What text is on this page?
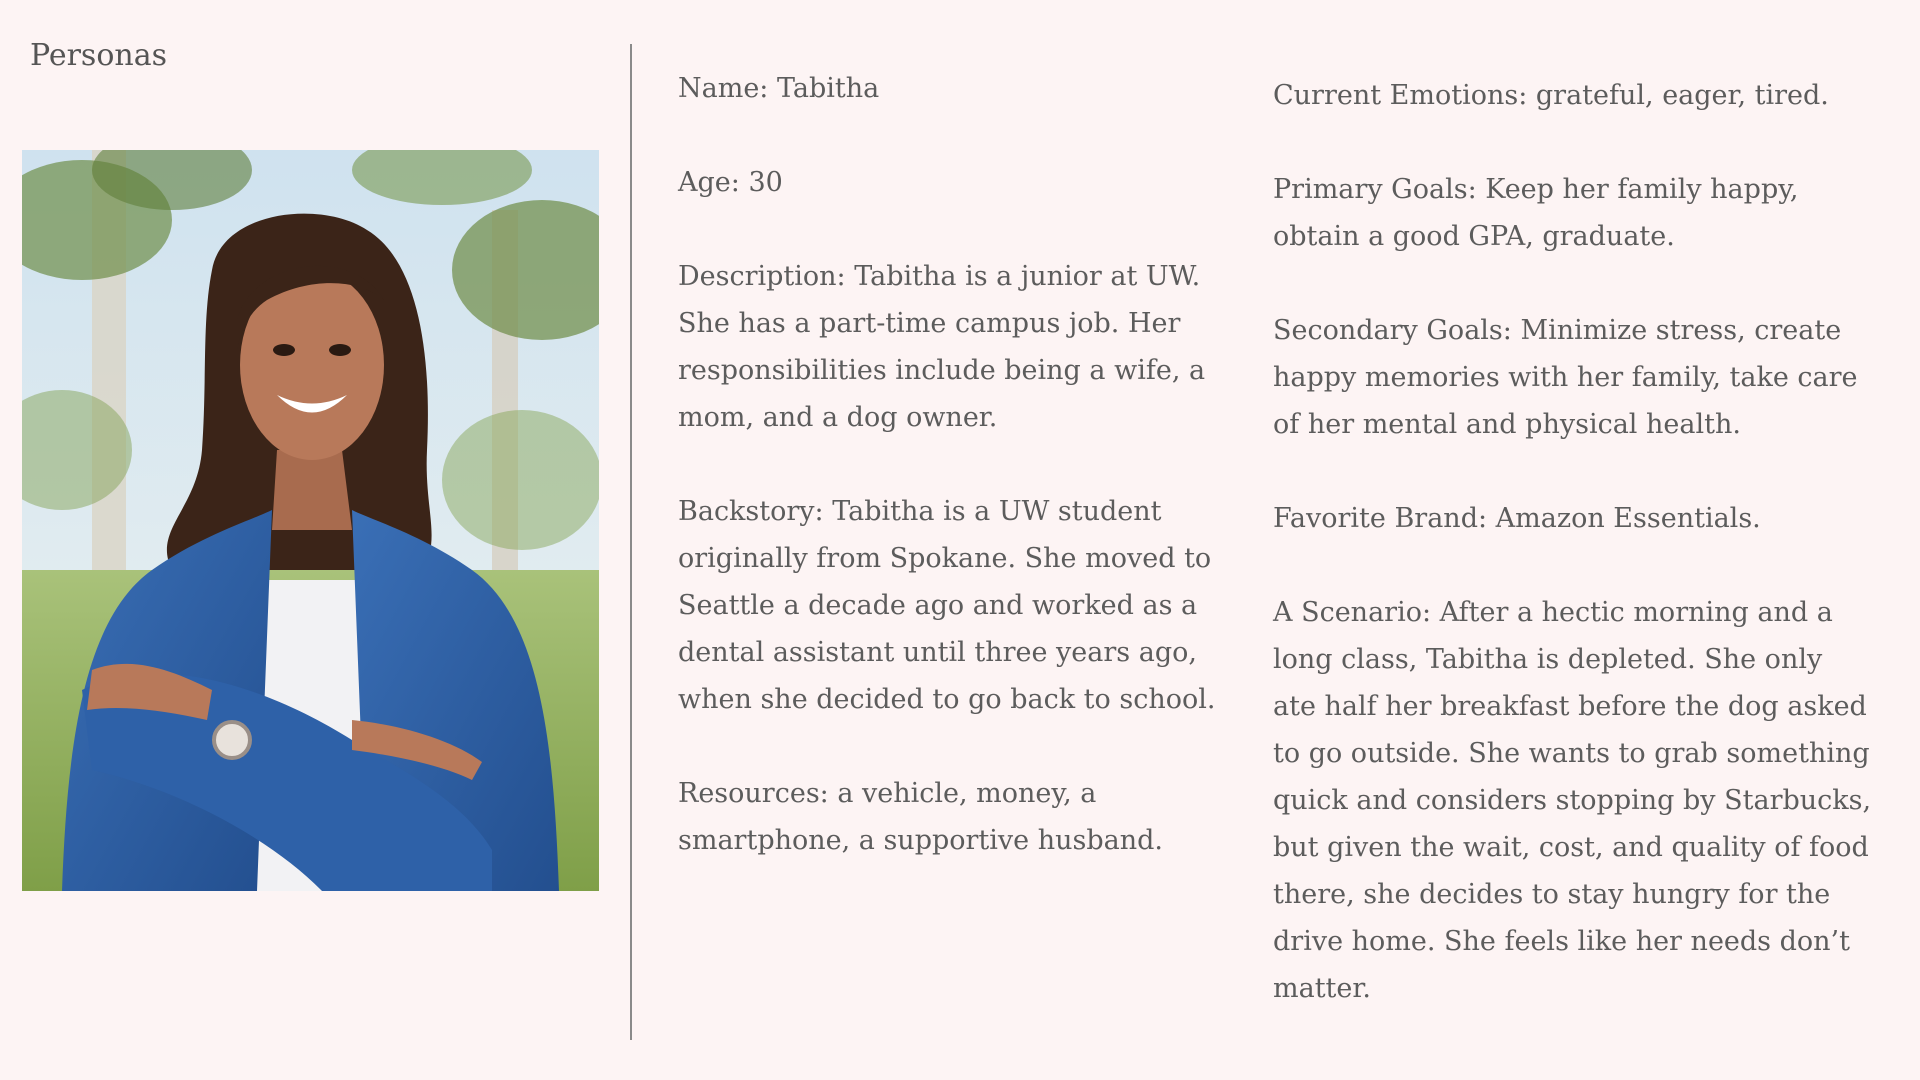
Personas

Name: Tabitha

Age: 30

Description: Tabitha is a junior at UW. She has a part-time campus job. Her responsibilities include being a wife, a mom, and a dog owner.

Backstory: Tabitha is a UW student originally from Spokane. She moved to Seattle a decade ago and worked as a dental assistant until three years ago, when she decided to go back to school.

Resources: a vehicle, money, a smartphone, a supportive husband.

Current Emotions: grateful, eager, tired.

Primary Goals: Keep her family happy, obtain a good GPA, graduate.

Secondary Goals: Minimize stress, create happy memories with her family, take care of her mental and physical health.

Favorite Brand: Amazon Essentials.

A Scenario: After a hectic morning and a long class, Tabitha is depleted. She only ate half her breakfast before the dog asked to go outside. She wants to grab something quick and considers stopping by Starbucks, but given the wait, cost, and quality of food there, she decides to stay hungry for the drive home. She feels like her needs don’t matter.
